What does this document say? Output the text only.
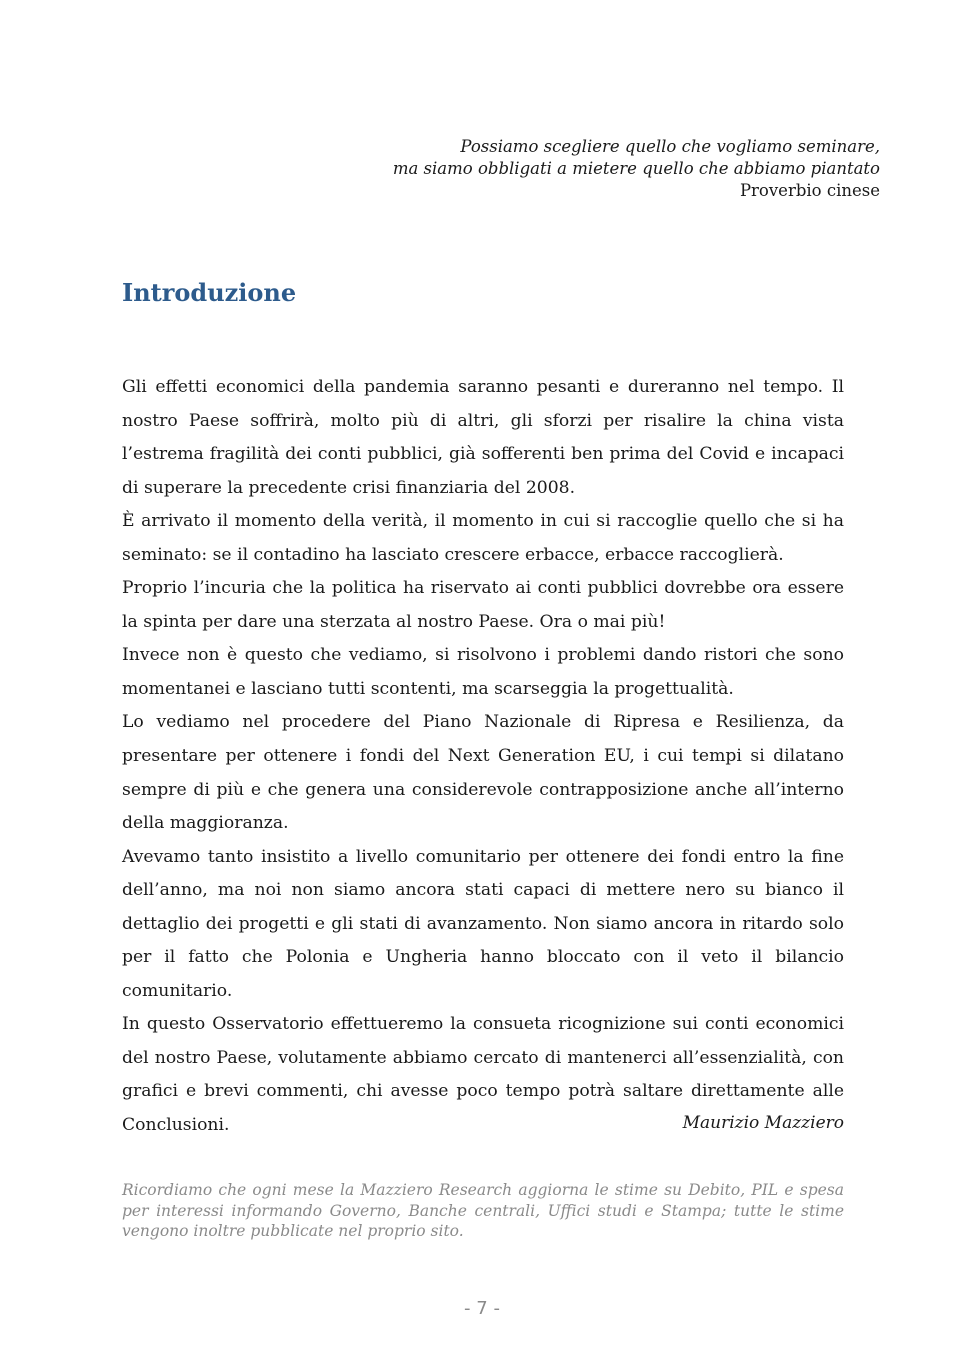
Possiamo scegliere quello che vogliamo seminare,
ma siamo obbligati a mietere quello che abbiamo piantato
Proverbio cinese
Introduzione

Gli effetti economici della pandemia saranno pesanti e dureranno nel tempo. Il nostro Paese soffrirà, molto più di altri, gli sforzi per risalire la china vista l’estrema fragilità dei conti pubblici, già sofferenti ben prima del Covid e incapaci di superare la precedente crisi finanziaria del 2008.

È arrivato il momento della verità, il momento in cui si raccoglie quello che si ha seminato: se il contadino ha lasciato crescere erbacce, erbacce raccoglierà.

Proprio l’incuria che la politica ha riservato ai conti pubblici dovrebbe ora essere la spinta per dare una sterzata al nostro Paese. Ora o mai più!

Invece non è questo che vediamo, si risolvono i problemi dando ristori che sono momentanei e lasciano tutti scontenti, ma scarseggia la progettualità.

Lo vediamo nel procedere del Piano Nazionale di Ripresa e Resilienza, da presentare per ottenere i fondi del Next Generation EU, i cui tempi si dilatano sempre di più e che genera una considerevole contrapposizione anche all’interno della maggioranza.

Avevamo tanto insistito a livello comunitario per ottenere dei fondi entro la fine dell’anno, ma noi non siamo ancora stati capaci di mettere nero su bianco il dettaglio dei progetti e gli stati di avanzamento. Non siamo ancora in ritardo solo per il fatto che Polonia e Ungheria hanno bloccato con il veto il bilancio comunitario.

In questo Osservatorio effettueremo la consueta ricognizione sui conti economici del nostro Paese, volutamente abbiamo cercato di mantenerci all’essenzialità, con grafici e brevi commenti, chi avesse poco tempo potrà saltare direttamente alle Conclusioni.	Maurizio Mazziero
Ricordiamo che ogni mese la Mazziero Research aggiorna le stime su Debito, PIL e spesa per interessi informando Governo, Banche centrali, Uffici studi e Stampa; tutte le stime vengono inoltre pubblicate nel proprio sito.
- 7 -
